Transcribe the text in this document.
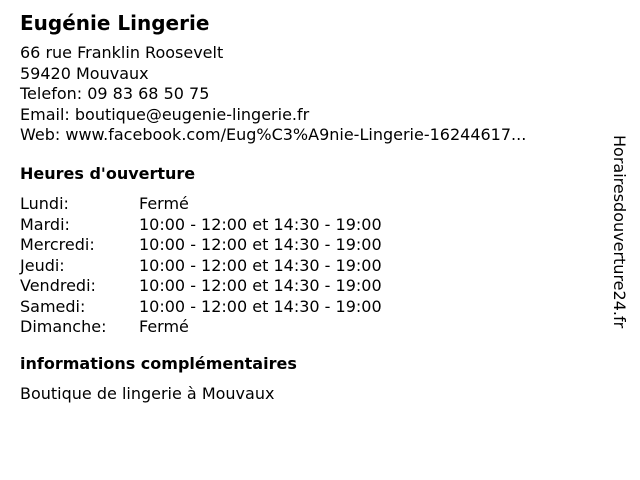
Eugénie Lingerie
66 rue Franklin Roosevelt
59420 Mouvaux
Telefon: 09 83 68 50 75
Email: boutique@eugenie-lingerie.fr
Web: www.facebook.com/Eug%C3%A9nie-Lingerie-16244617...
Heures d'ouverture
Lundi:	Fermé
Mardi:	10:00 - 12:00 et 14:30 - 19:00
Mercredi:	10:00 - 12:00 et 14:30 - 19:00
Jeudi:	10:00 - 12:00 et 14:30 - 19:00
Vendredi:	10:00 - 12:00 et 14:30 - 19:00
Samedi:	10:00 - 12:00 et 14:30 - 19:00
Dimanche:	Fermé
informations complémentaires
Boutique de lingerie à Mouvaux
Horairesdouverture24.fr
